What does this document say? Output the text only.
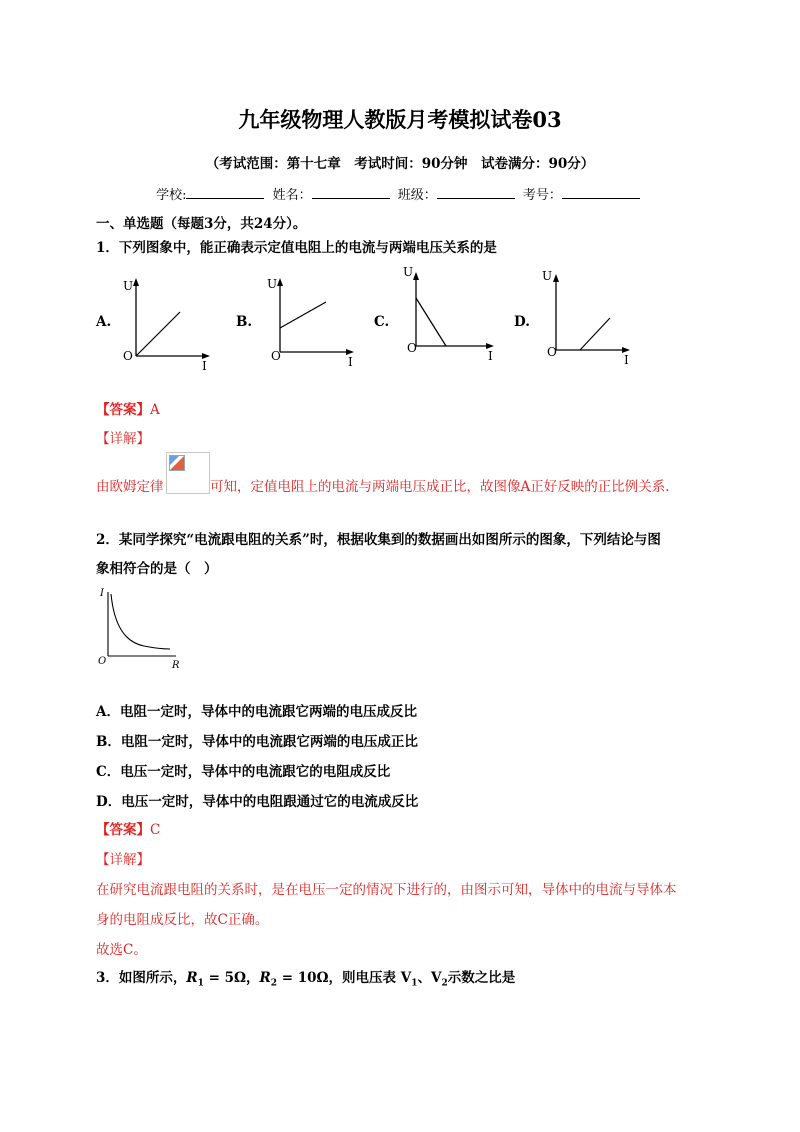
九年级物理人教版月考模拟试卷03
（考试范围：第十七章　考试时间：90分钟　试卷满分：90分）
学校:	姓名：	班级：	考号：
一、单选题（每题3分，共24分）。
1．下列图象中，能正确表示定值电阻上的电流与两端电压关系的是
A.
U
I
O
B.
U
I
O
C.
U
I
O
D.
U
I
O
【答案】A
【详解】
由欧姆定律	可知，定值电阻上的电流与两端电压成正比，故图像A正好反映的正比例关系.
2．某同学探究“电流跟电阻的关系”时，根据收集到的数据画出如图所示的图象，下列结论与图
象相符合的是（　）
I
R
O
A．电阻一定时，导体中的电流跟它两端的电压成反比
B．电阻一定时，导体中的电流跟它两端的电压成正比
C．电压一定时，导体中的电流跟它的电阻成反比
D．电压一定时，导体中的电阻跟通过它的电流成反比
【答案】C
【详解】
在研究电流跟电阻的关系时，是在电压一定的情况下进行的，由图示可知，导体中的电流与导体本
身的电阻成反比，故C正确。
故选C。
3．如图所示，$R_1 = 5\Omega$，$R_2 = 10\Omega$，则电压表 $V_1$、$V_2$示数之比是
